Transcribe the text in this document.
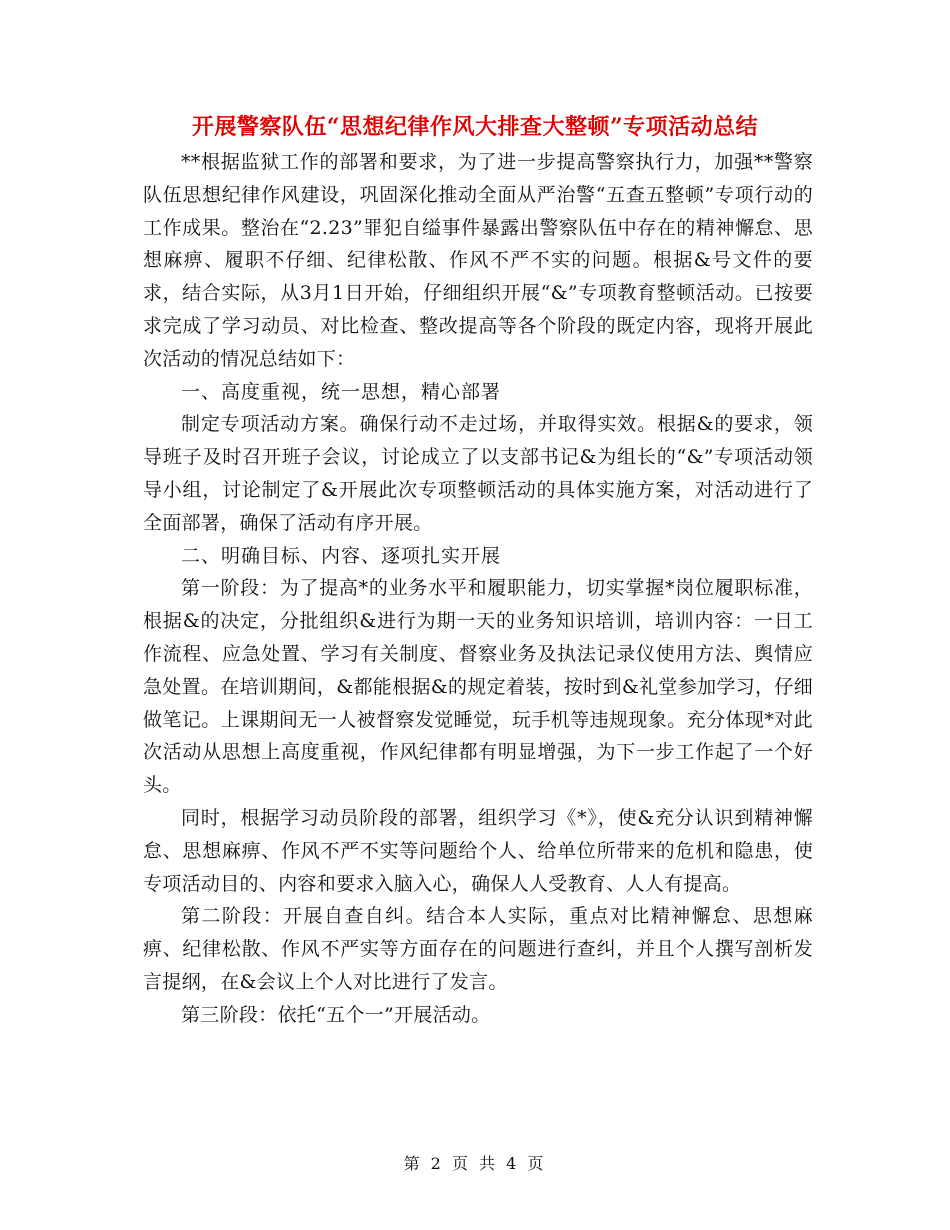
开展警察队伍“思想纪律作风大排查大整顿”专项活动总结

**根据监狱工作的部署和要求，为了进一步提高警察执行力，加强**警察队伍思想纪律作风建设，巩固深化推动全面从严治警“五查五整顿”专项行动的工作成果。整治在“2.23”罪犯自缢事件暴露出警察队伍中存在的精神懈怠、思想麻痹、履职不仔细、纪律松散、作风不严不实的问题。根据&号文件的要求，结合实际，从3月1日开始，仔细组织开展“&”专项教育整顿活动。已按要求完成了学习动员、对比检查、整改提高等各个阶段的既定内容，现将开展此次活动的情况总结如下：

一、高度重视，统一思想，精心部署

制定专项活动方案。确保行动不走过场，并取得实效。根据&的要求，领导班子及时召开班子会议，讨论成立了以支部书记&为组长的“&”专项活动领导小组，讨论制定了&开展此次专项整顿活动的具体实施方案，对活动进行了全面部署，确保了活动有序开展。

二、明确目标、内容、逐项扎实开展

第一阶段：为了提高*的业务水平和履职能力，切实掌握*岗位履职标准，根据&的决定，分批组织&进行为期一天的业务知识培训，培训内容：一日工作流程、应急处置、学习有关制度、督察业务及执法记录仪使用方法、舆情应急处置。在培训期间，&都能根据&的规定着装，按时到&礼堂参加学习，仔细做笔记。上课期间无一人被督察发觉睡觉，玩手机等违规现象。充分体现*对此次活动从思想上高度重视，作风纪律都有明显增强，为下一步工作起了一个好头。

同时，根据学习动员阶段的部署，组织学习《*》，使&充分认识到精神懈怠、思想麻痹、作风不严不实等问题给个人、给单位所带来的危机和隐患，使专项活动目的、内容和要求入脑入心，确保人人受教育、人人有提高。

第二阶段：开展自查自纠。结合本人实际，重点对比精神懈怠、思想麻痹、纪律松散、作风不严实等方面存在的问题进行查纠，并且个人撰写剖析发言提纲，在&会议上个人对比进行了发言。

第三阶段：依托“五个一”开展活动。

第 2 页 共 4 页
